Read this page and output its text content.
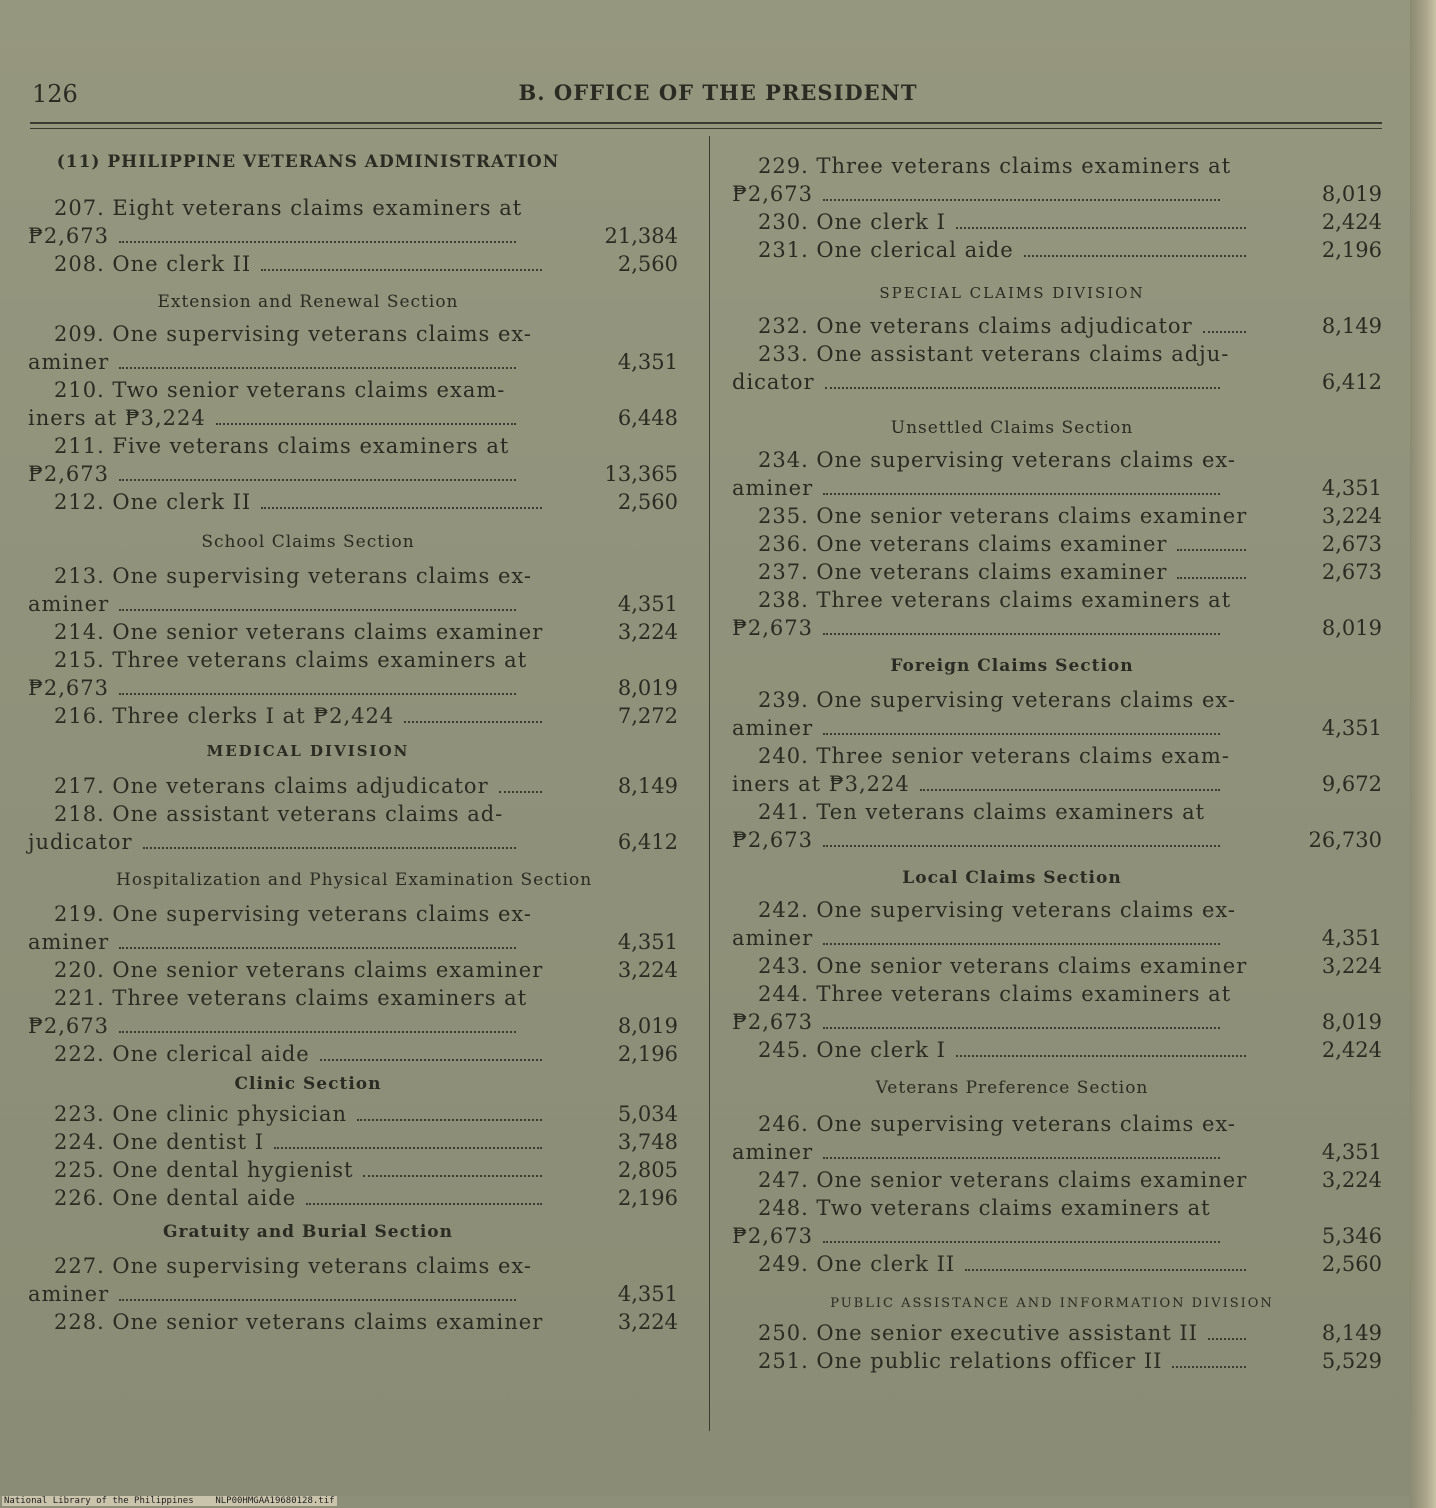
126	B. OFFICE OF THE PRESIDENT
(11) PHILIPPINE VETERANS ADMINISTRATION
207. Eight veterans claims examiners at
₱2,673	21,384
208. One clerk II	2,560
Extension and Renewal Section
209. One supervising veterans claims ex-
aminer	4,351
210. Two senior veterans claims exam-
iners at ₱3,224	6,448
211. Five veterans claims examiners at
₱2,673	13,365
212. One clerk II	2,560
School Claims Section
213. One supervising veterans claims ex-
aminer	4,351
214. One senior veterans claims examiner	3,224
215. Three veterans claims examiners at
₱2,673	8,019
216. Three clerks I at ₱2,424	7,272
MEDICAL DIVISION
217. One veterans claims adjudicator	8,149
218. One assistant veterans claims ad-
judicator	6,412
Hospitalization and Physical Examination Section
219. One supervising veterans claims ex-
aminer	4,351
220. One senior veterans claims examiner	3,224
221. Three veterans claims examiners at
₱2,673	8,019
222. One clerical aide	2,196
Clinic Section
223. One clinic physician	5,034
224. One dentist I	3,748
225. One dental hygienist	2,805
226. One dental aide	2,196
Gratuity and Burial Section
227. One supervising veterans claims ex-
aminer	4,351
228. One senior veterans claims examiner	3,224
229. Three veterans claims examiners at
₱2,673	8,019
230. One clerk I	2,424
231. One clerical aide	2,196
SPECIAL CLAIMS DIVISION
232. One veterans claims adjudicator	8,149
233. One assistant veterans claims adju-
dicator	6,412
Unsettled Claims Section
234. One supervising veterans claims ex-
aminer	4,351
235. One senior veterans claims examiner	3,224
236. One veterans claims examiner	2,673
237. One veterans claims examiner	2,673
238. Three veterans claims examiners at
₱2,673	8,019
Foreign Claims Section
239. One supervising veterans claims ex-
aminer	4,351
240. Three senior veterans claims exam-
iners at ₱3,224	9,672
241. Ten veterans claims examiners at
₱2,673	26,730
Local Claims Section
242. One supervising veterans claims ex-
aminer	4,351
243. One senior veterans claims examiner	3,224
244. Three veterans claims examiners at
₱2,673	8,019
245. One clerk I	2,424
Veterans Preference Section
246. One supervising veterans claims ex-
aminer	4,351
247. One senior veterans claims examiner	3,224
248. Two veterans claims examiners at
₱2,673	5,346
249. One clerk II	2,560
PUBLIC ASSISTANCE AND INFORMATION DIVISION
250. One senior executive assistant II	8,149
251. One public relations officer II	5,529
National Library of the Philippines NLP00HMGAA19680128.tif
